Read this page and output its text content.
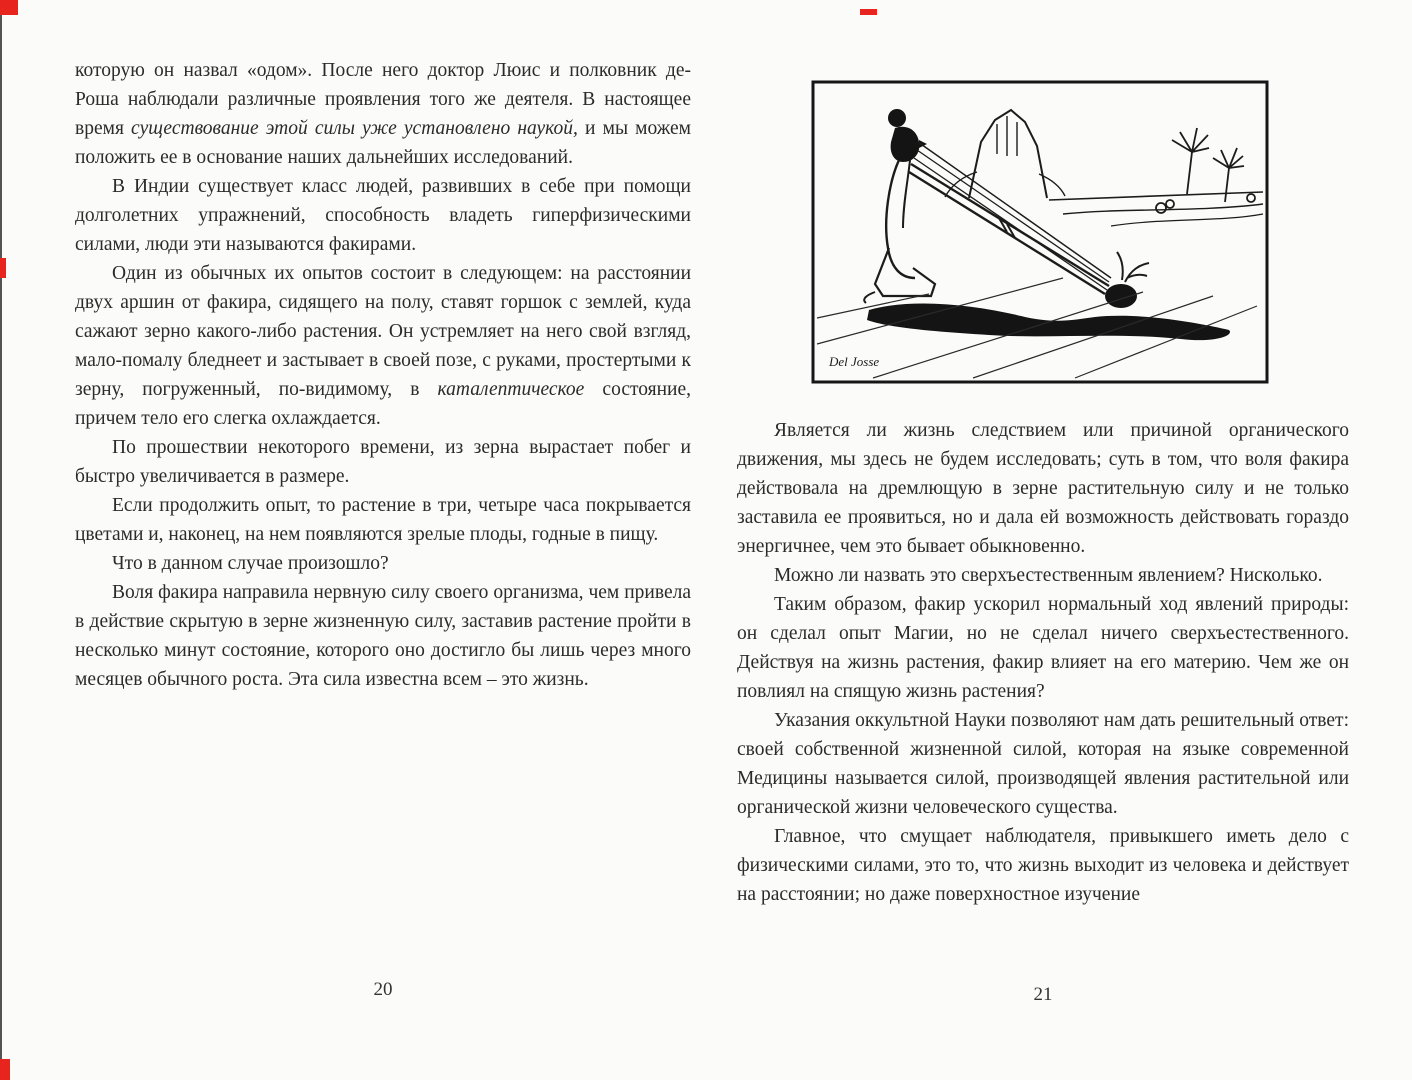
которую он назвал «одом». После него доктор Люис и полковник де-Роша наблюдали различные проявления того же деятеля. В настоящее время существование этой силы уже установлено наукой, и мы можем положить ее в основание наших дальнейших исследований.

В Индии существует класс людей, развивших в себе при помощи долголетних упражнений, способность владеть гиперфизическими силами, люди эти называются факирами.

Один из обычных их опытов состоит в следующем: на расстоянии двух аршин от факира, сидящего на полу, ставят горшок с землей, куда сажают зерно какого-либо растения. Он устремляет на него свой взгляд, мало-помалу бледнеет и застывает в своей позе, с руками, простертыми к зерну, погруженный, по-видимому, в каталептическое состояние, причем тело его слегка охлаждается.

По прошествии некоторого времени, из зерна вырастает побег и быстро увеличивается в размере.

Если продолжить опыт, то растение в три, четыре часа покрывается цветами и, наконец, на нем появляются зрелые плоды, годные в пищу.

Что в данном случае произошло?

Воля факира направила нервную силу своего организма, чем привела в действие скрытую в зерне жизненную силу, заставив растение пройти в несколько минут состояние, которого оно достигло бы лишь через много месяцев обычного роста. Эта сила известна всем – это жизнь.

Del Josse

Является ли жизнь следствием или причиной органического движения, мы здесь не будем исследовать; суть в том, что воля факира действовала на дремлющую в зерне растительную силу и не только заставила ее проявиться, но и дала ей возможность действовать гораздо энергичнее, чем это бывает обыкновенно.

Можно ли назвать это сверхъестественным явлением? Нисколько.

Таким образом, факир ускорил нормальный ход явлений природы: он сделал опыт Магии, но не сделал ничего сверхъестественного. Действуя на жизнь растения, факир влияет на его материю. Чем же он повлиял на спящую жизнь растения?

Указания оккультной Науки позволяют нам дать решительный ответ: своей собственной жизненной силой, которая на языке современной Медицины называется силой, производящей явления растительной или органической жизни человеческого существа.

Главное, что смущает наблюдателя, привыкшего иметь дело с физическими силами, это то, что жизнь выходит из человека и действует на расстоянии; но даже поверхностное изучение

20	21
